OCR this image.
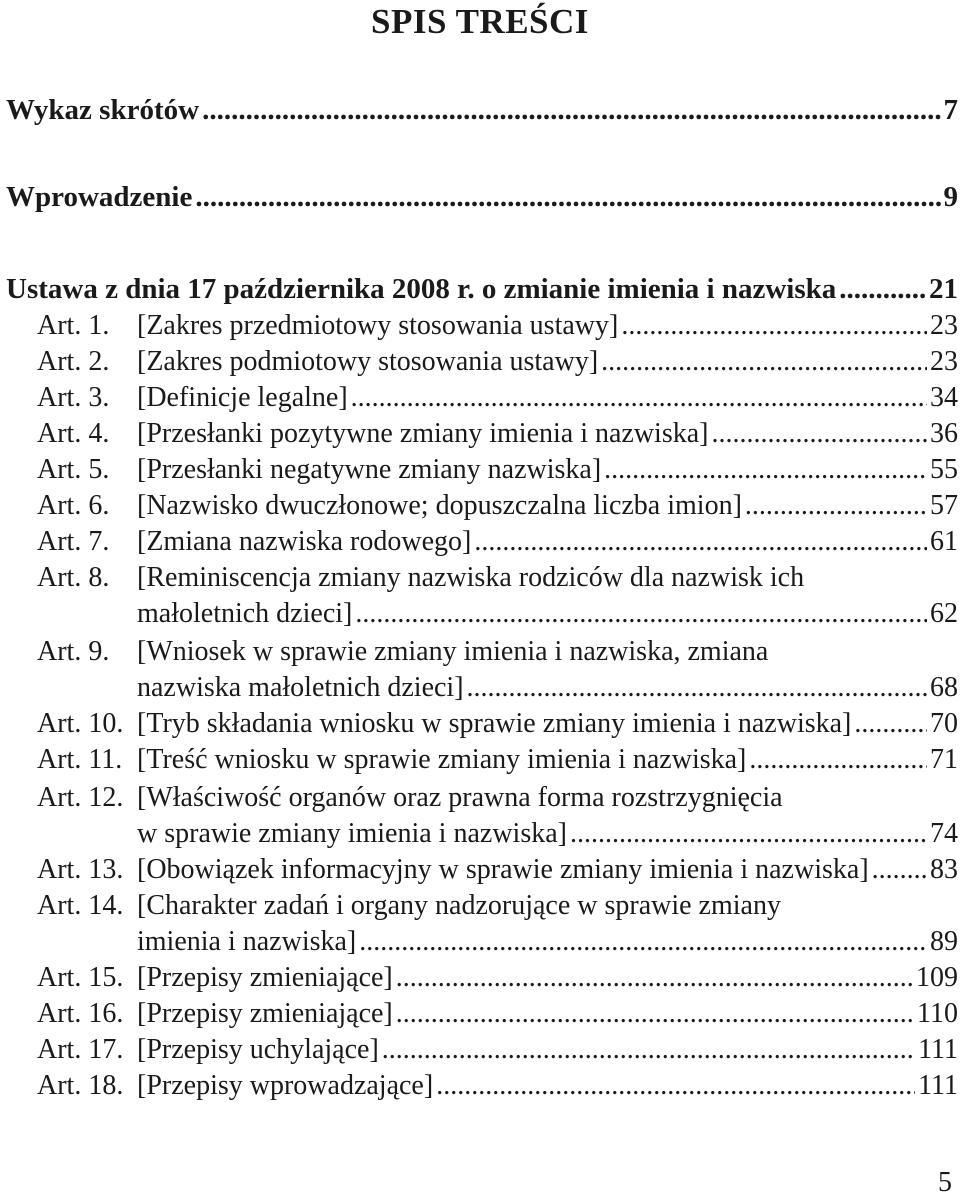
SPIS TREŚCI
Wykaz skrótów .....	7
Wprowadzenie .....	9
Ustawa z dnia 17 października 2008 r. o zmianie imienia i nazwiska .....	21
Art. 1. [Zakres przedmiotowy stosowania ustawy] .....	23
Art. 2. [Zakres podmiotowy stosowania ustawy] .....	23
Art. 3. [Definicje legalne] .....	34
Art. 4. [Przesłanki pozytywne zmiany imienia i nazwiska] .....	36
Art. 5. [Przesłanki negatywne zmiany nazwiska] .....	55
Art. 6. [Nazwisko dwuczłonowe; dopuszczalna liczba imion] .....	57
Art. 7. [Zmiana nazwiska rodowego] .....	61
Art. 8. [Reminiscencja zmiany nazwiska rodziców dla nazwisk ich
małoletnich dzieci] .....	62
Art. 9. [Wniosek w sprawie zmiany imienia i nazwiska, zmiana
nazwiska małoletnich dzieci] .....	68
Art. 10. [Tryb składania wniosku w sprawie zmiany imienia i nazwiska] .....	70
Art. 11. [Treść wniosku w sprawie zmiany imienia i nazwiska] .....	71
Art. 12. [Właściwość organów oraz prawna forma rozstrzygnięcia
w sprawie zmiany imienia i nazwiska] .....	74
Art. 13. [Obowiązek informacyjny w sprawie zmiany imienia i nazwiska] ..... 83
Art. 14. [Charakter zadań i organy nadzorujące w sprawie zmiany
imienia i nazwiska] .....	89
Art. 15. [Przepisy zmieniające] .....	109
Art. 16. [Przepisy zmieniające] .....	110
Art. 17. [Przepisy uchylające] .....	111
Art. 18. [Przepisy wprowadzające] .....	111
5
